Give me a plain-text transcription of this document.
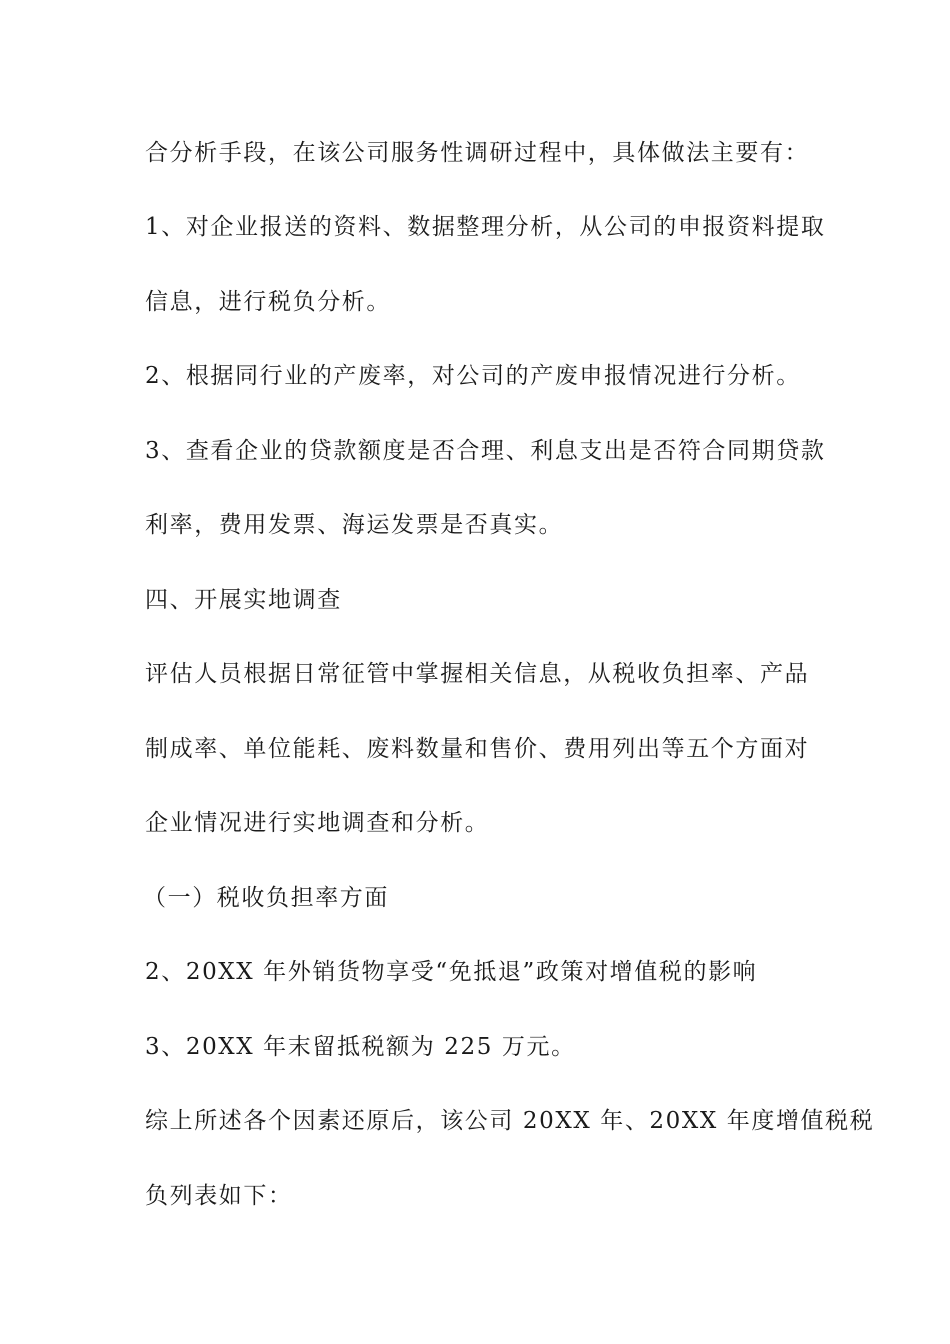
合分析手段，在该公司服务性调研过程中，具体做法主要有：
1、对企业报送的资料、数据整理分析，从公司的申报资料提取
信息，进行税负分析。
2、根据同行业的产废率，对公司的产废申报情况进行分析。
3、查看企业的贷款额度是否合理、利息支出是否符合同期贷款
利率，费用发票、海运发票是否真实。
四、开展实地调查
评估人员根据日常征管中掌握相关信息，从税收负担率、产品
制成率、单位能耗、废料数量和售价、费用列出等五个方面对
企业情况进行实地调查和分析。
（一）税收负担率方面
2、20XX 年外销货物享受“免抵退”政策对增值税的影响
3、20XX 年末留抵税额为 225 万元。
综上所述各个因素还原后，该公司 20XX 年、20XX 年度增值税税
负列表如下：
